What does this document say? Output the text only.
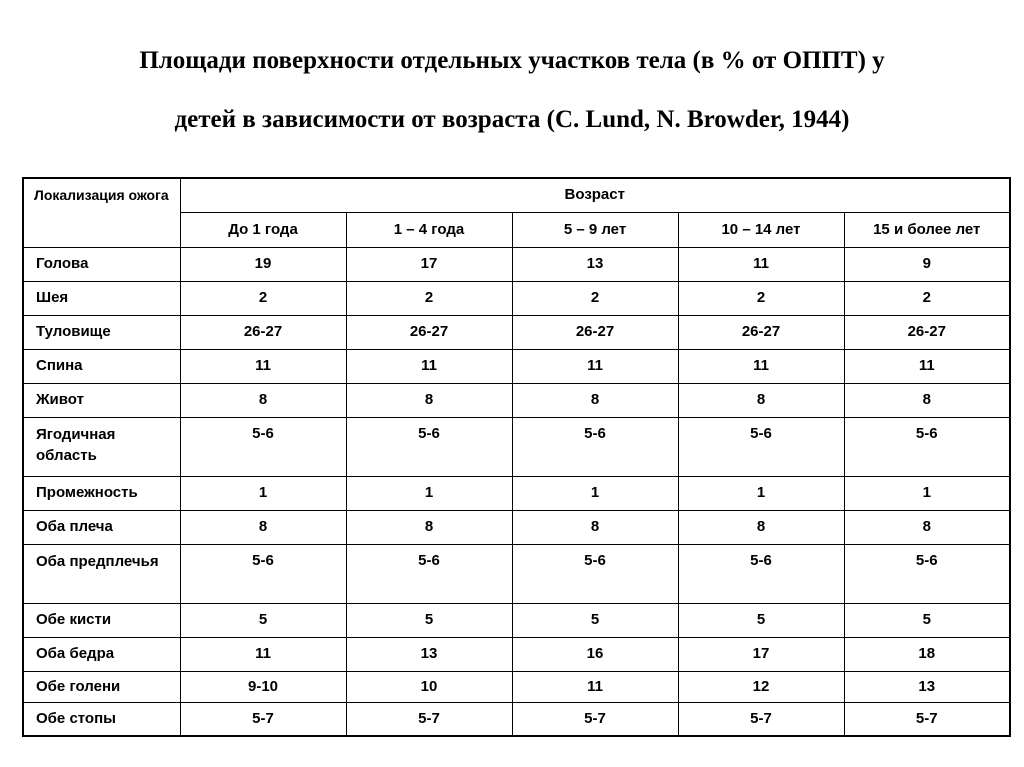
Площади поверхности отдельных участков тела (в % от ОППТ) у
детей в зависимости от возраста (C. Lund, N. Browder, 1944)
Локализация ожога	Возраст				
	До 1 года	1 – 4 года	5 – 9 лет	10 – 14 лет	15 и более лет
Голова	19	17	13	11	9
Шея	2	2	2	2	2
Туловище	26-27	26-27	26-27	26-27	26-27
Спина	11	11	11	11	11
Живот	8	8	8	8	8
Ягодичная область	5-6	5-6	5-6	5-6	5-6
Промежность	1	1	1	1	1
Оба плеча	8	8	8	8	8
Оба предплечья	5-6	5-6	5-6	5-6	5-6
Обе кисти	5	5	5	5	5
Оба бедра	11	13	16	17	18
Обе голени	9-10	10	11	12	13
Обе стопы	5-7	5-7	5-7	5-7	5-7
